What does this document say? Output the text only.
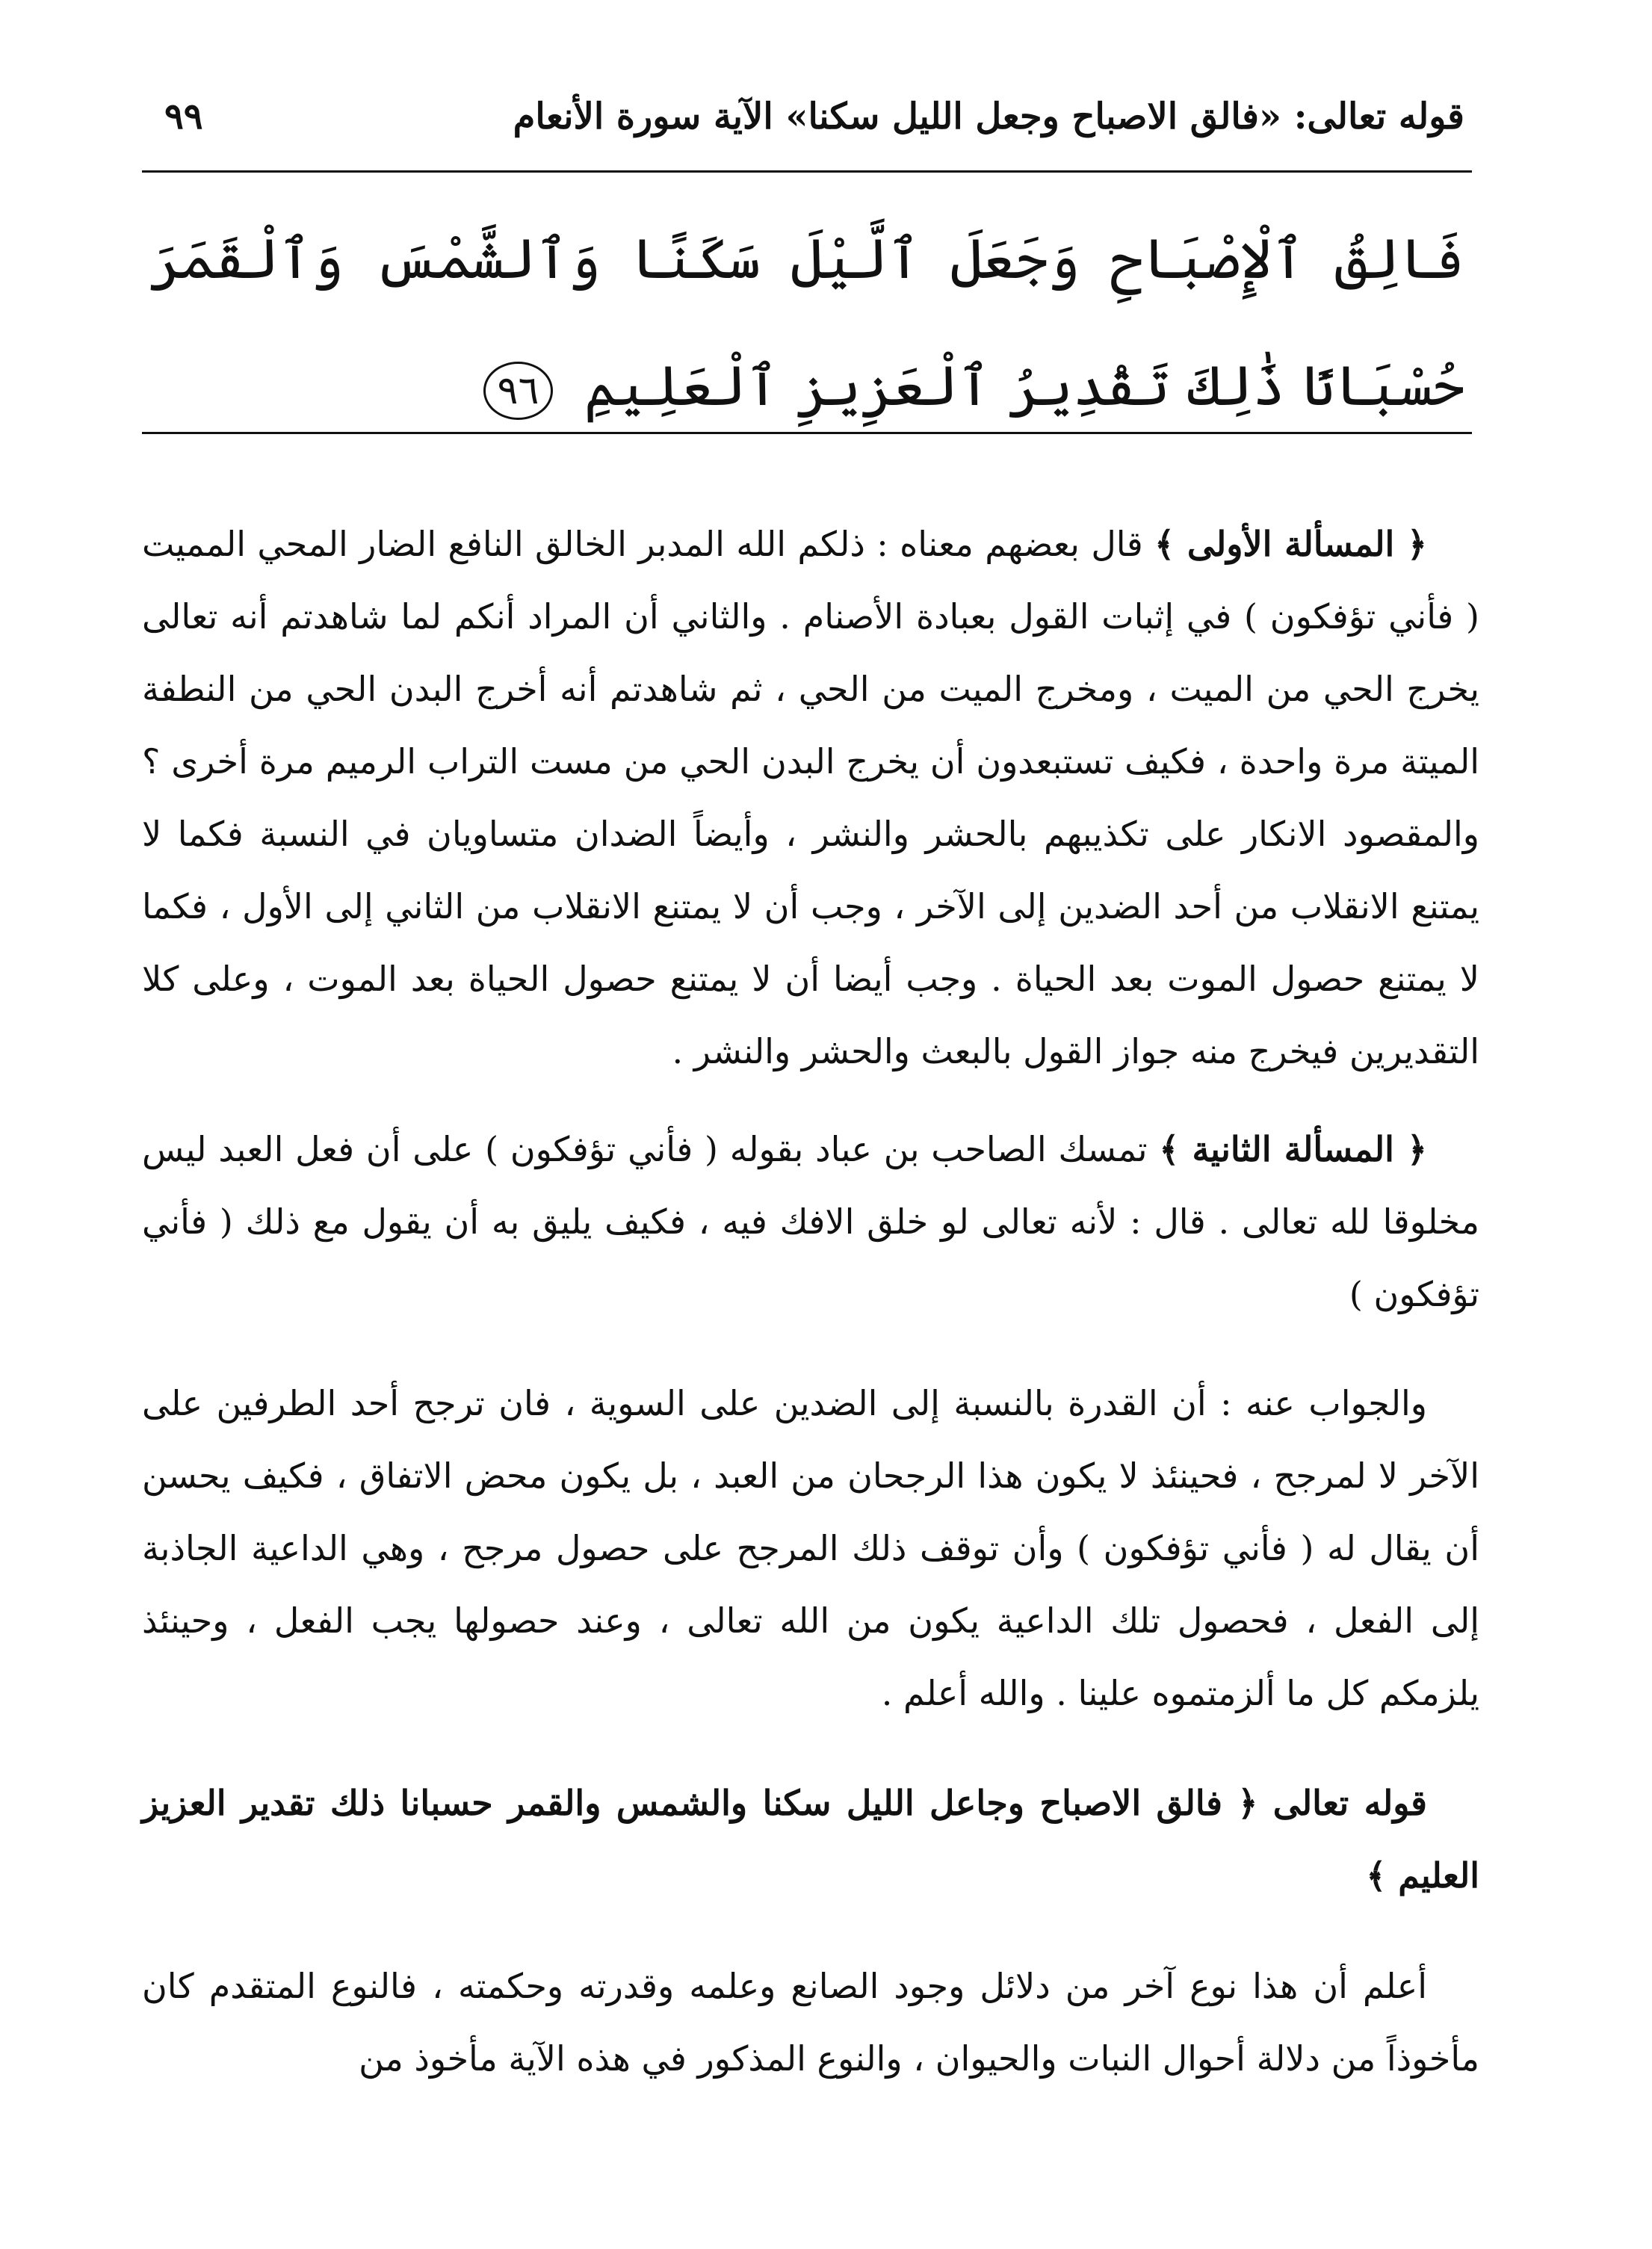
قوله تعالى: «فالق الاصباح وجعل الليل سكنا» الآية سورة الأنعام
٩٩
فَالِقُ ٱلْإِصْبَاحِ وَجَعَلَ ٱلَّيْلَ سَكَنًا وَٱلشَّمْسَ وَٱلْقَمَرَ حُسْبَانًا ذَٰلِكَ تَقْدِيرُ ٱلْعَزِيزِ ٱلْعَلِيمِ ٩٦
﴿ المسألة الأولى ﴾ قال بعضهم معناه : ذلكم الله المدبر الخالق النافع الضار المحي المميت ( فأني تؤفكون ) في إثبات القول بعبادة الأصنام . والثاني أن المراد أنكم لما شاهدتم أنه تعالى يخرج الحي من الميت ، ومخرج الميت من الحي ، ثم شاهدتم أنه أخرج البدن الحي من النطفة الميتة مرة واحدة ، فكيف تستبعدون أن يخرج البدن الحي من مست التراب الرميم مرة أخرى ؟ والمقصود الانكار على تكذيبهم بالحشر والنشر ، وأيضاً الضدان متساويان في النسبة فكما لا يمتنع الانقلاب من أحد الضدين إلى الآخر ، وجب أن لا يمتنع الانقلاب من الثاني إلى الأول ، فكما لا يمتنع حصول الموت بعد الحياة . وجب أيضا أن لا يمتنع حصول الحياة بعد الموت ، وعلى كلا التقديرين فيخرج منه جواز القول بالبعث والحشر والنشر .
﴿ المسألة الثانية ﴾ تمسك الصاحب بن عباد بقوله ( فأني تؤفكون ) على أن فعل العبد ليس مخلوقا لله تعالى . قال : لأنه تعالى لو خلق الافك فيه ، فكيف يليق به أن يقول مع ذلك ( فأني تؤفكون )
والجواب عنه : أن القدرة بالنسبة إلى الضدين على السوية ، فان ترجح أحد الطرفين على الآخر لا لمرجح ، فحينئذ لا يكون هذا الرجحان من العبد ، بل يكون محض الاتفاق ، فكيف يحسن أن يقال له ( فأني تؤفكون ) وأن توقف ذلك المرجح على حصول مرجح ، وهي الداعية الجاذبة إلى الفعل ، فحصول تلك الداعية يكون من الله تعالى ، وعند حصولها يجب الفعل ، وحينئذ يلزمكم كل ما ألزمتموه علينا . والله أعلم .
قوله تعالى ﴿ فالق الاصباح وجاعل الليل سكنا والشمس والقمر حسبانا ذلك تقدير العزيز العليم ﴾
أعلم أن هذا نوع آخر من دلائل وجود الصانع وعلمه وقدرته وحكمته ، فالنوع المتقدم كان مأخوذاً من دلالة أحوال النبات والحيوان ، والنوع المذكور في هذه الآية مأخوذ من
